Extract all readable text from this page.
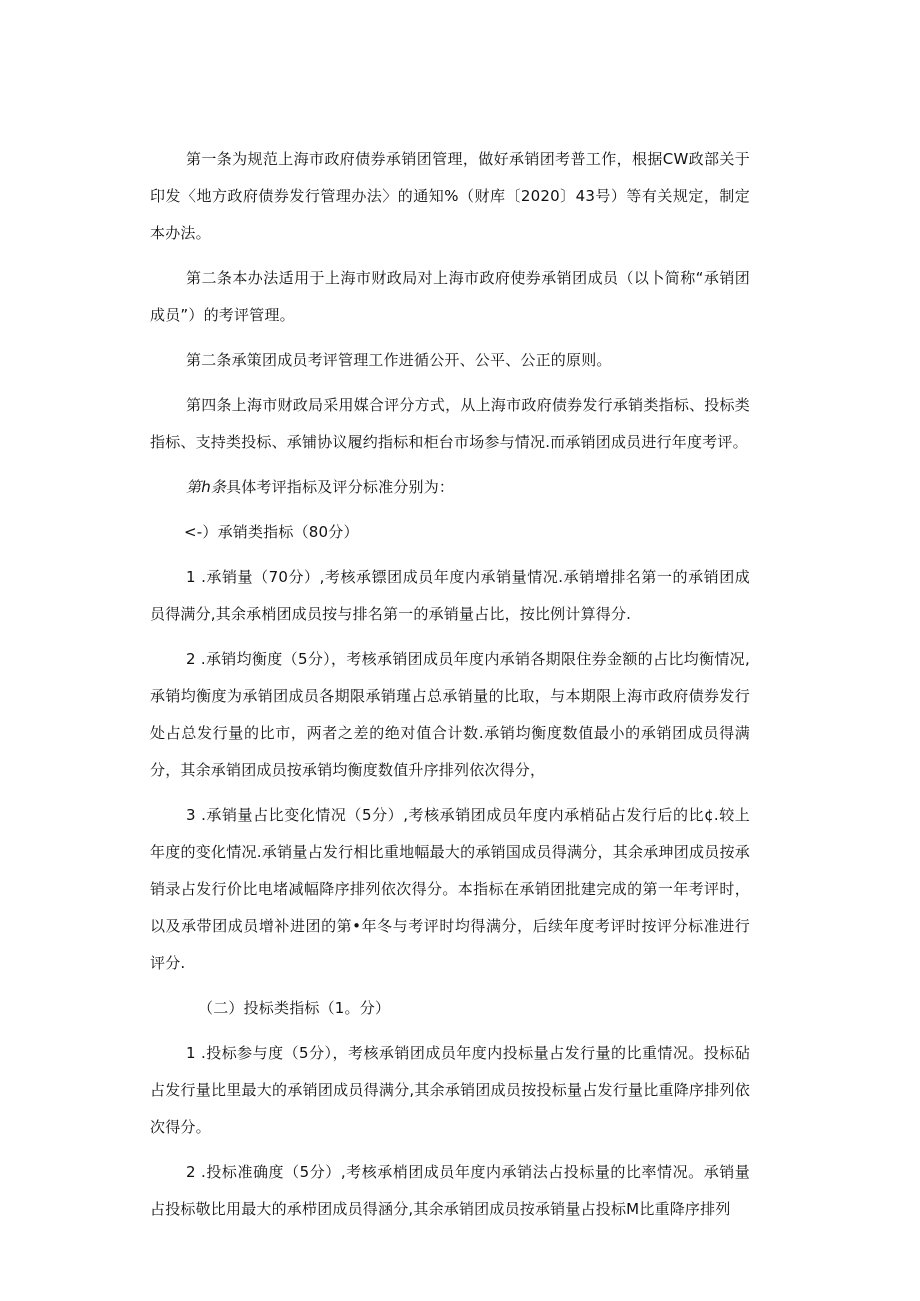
第一条为规范上海市政府债券承销团管理，做好承销团考普工作，根据CW政部关于印发〈地方政府债券发行管理办法〉的通知%（财库〔2020〕43号）等有关规定，制定本办法。

第二条本办法适用于上海市财政局对上海市政府使券承销团成员（以卜简称“承销团成员”）的考评管理。

第二条承策团成员考评管理工作进循公开、公平、公正的原则。

第四条上海市财政局采用媒合评分方式，从上海市政府债券发行承销类指标、投标类指标、支持类投标、承铺协议履约指标和柜台市场参与情况.而承销团成员进行年度考评。

第h条具体考评指标及评分标准分别为：

<-）承销类指标（80分）

1 .承销量（70分）,考核承镖团成员年度内承销量情况.承销增排名第一的承销团成员得满分,其余承梢团成员按与排名第一的承销量占比，按比例计算得分.

2 .承销均衡度（5分），考核承销团成员年度内承销各期限住券金额的占比均衡情况,承销均衡度为承销团成员各期限承销瑾占总承销量的比取，与本期限上海市政府债券发行处占总发行量的比市，两者之差的绝对值合计数.承销均衡度数值最小的承销团成员得满分，其余承销团成员按承销均衡度数值升序排列依次得分，

3 .承销量占比变化情况（5分）,考核承销团成员年度内承梢砧占发行后的比¢.较上年度的变化情况.承销量占发行相比重地幅最大的承销国成员得满分，其余承珅团成员按承销录占发行价比电堵减幅降序排列依次得分。本指标在承销团批建完成的第一年考评时，以及承带团成员增补进团的第•年冬与考评时均得满分，后续年度考评时按评分标准进行评分.

（二）投标类指标（1。分）

1 .投标参与度（5分），考核承销团成员年度内投标量占发行量的比重情况。投标砧占发行量比里最大的承销团成员得满分,其余承销团成员按投标量占发行量比重降序排列依次得分。

2 .投标准确度（5分）,考核承梢团成员年度内承销法占投标量的比率情况。承销量占投标敬比用最大的承栉团成员得涵分,其余承销团成员按承销量占投标M比重降序排列
